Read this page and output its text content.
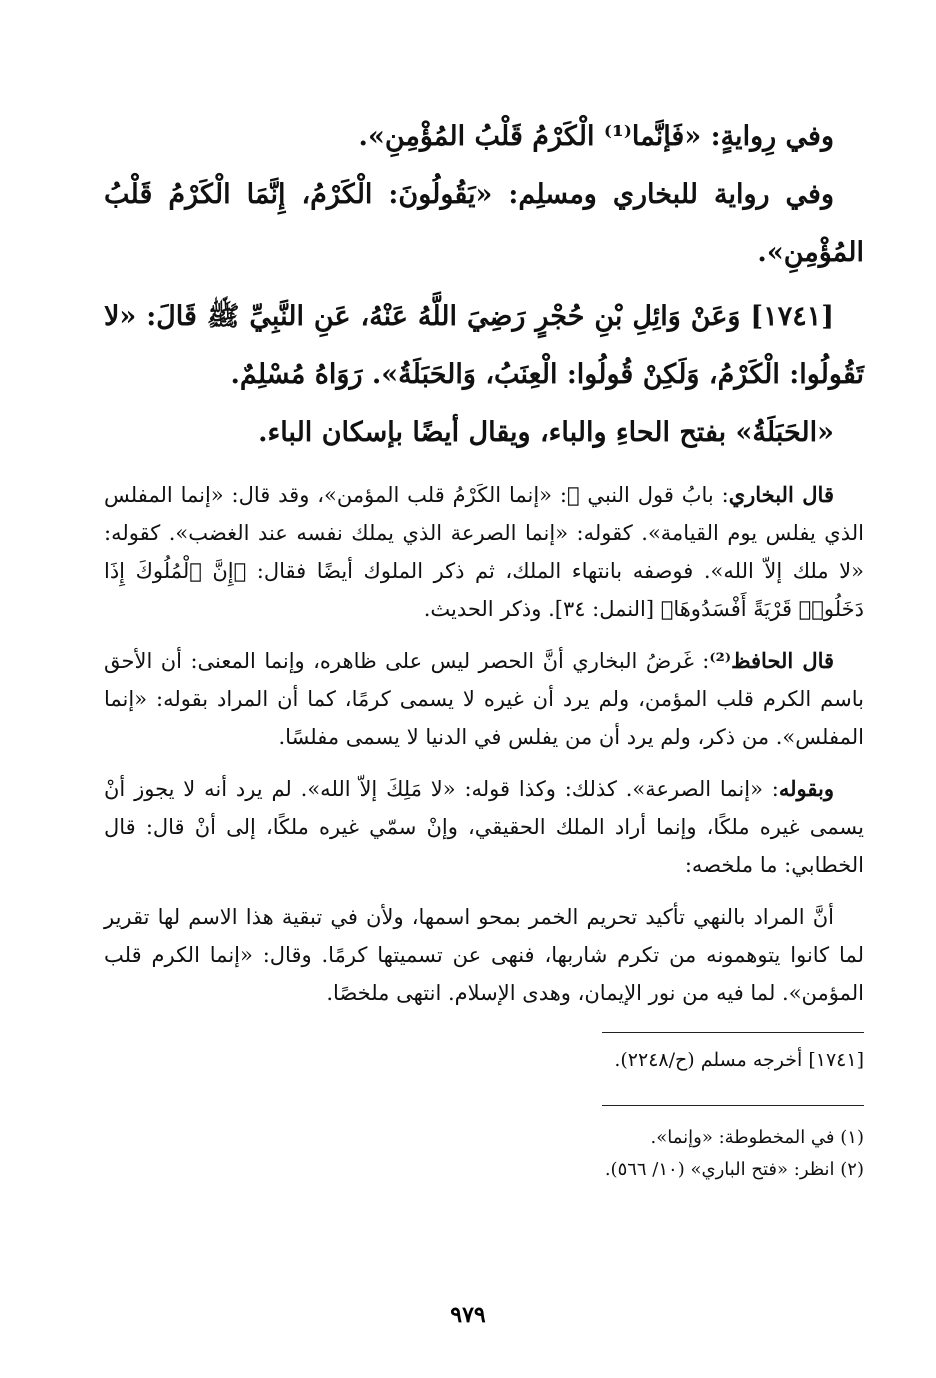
وفي رِوايةٍ: «فَإنَّما⁽¹⁾ الْكَرْمُ قَلْبُ المُؤْمِنِ».

وفي رواية للبخاري ومسلِم: «يَقُولُونَ: الْكَرْمُ، إِنَّمَا الْكَرْمُ قَلْبُ المُؤْمِنِ».

[١٧٤١] وَعَنْ وَائِلِ بْنِ حُجْرٍ رَضِيَ اللَّهُ عَنْهُ، عَنِ النَّبِيِّ ﷺ قَالَ: «لا تَقُولُوا: الْكَرْمُ، وَلَكِنْ قُولُوا: الْعِنَبُ، وَالحَبَلَةُ». رَوَاهُ مُسْلِمٌ.

«الحَبَلَةُ» بفتح الحاءِ والباء، ويقال أيضًا بإسكان الباء.

قال البخاري: بابُ قول النبي ﷺ: «إنما الكَرْمُ قلب المؤمن»، وقد قال: «إنما المفلس الذي يفلس يوم القيامة». كقوله: «إنما الصرعة الذي يملك نفسه عند الغضب». كقوله: «لا ملك إلاّ الله». فوصفه بانتهاء الملك، ثم ذكر الملوك أيضًا فقال: ﴿إِنَّ ٱلْمُلُوكَ إِذَا دَخَلُوا۟ قَرْيَةً أَفْسَدُوهَا﴾ [النمل: ٣٤]. وذكر الحديث.

قال الحافظ⁽²⁾: غَرضُ البخاري أنَّ الحصر ليس على ظاهره، وإنما المعنى: أن الأحق باسم الكرم قلب المؤمن، ولم يرد أن غيره لا يسمى كرمًا، كما أن المراد بقوله: «إنما المفلس». من ذكر، ولم يرد أن من يفلس في الدنيا لا يسمى مفلسًا.

وبقوله: «إنما الصرعة». كذلك: وكذا قوله: «لا مَلِكَ إلاّ الله». لم يرد أنه لا يجوز أنْ يسمى غيره ملكًا، وإنما أراد الملك الحقيقي، وإنْ سمّي غيره ملكًا، إلى أنْ قال: قال الخطابي: ما ملخصه:

أنَّ المراد بالنهي تأكيد تحريم الخمر بمحو اسمها، ولأن في تبقية هذا الاسم لها تقرير لما كانوا يتوهمونه من تكرم شاربها، فنهى عن تسميتها كرمًا. وقال: «إنما الكرم قلب المؤمن». لما فيه من نور الإيمان، وهدى الإسلام. انتهى ملخصًا.

[١٧٤١] أخرجه مسلم (ح/٢٢٤٨).

(١) في المخطوطة: «وإنما».

(٢) انظر: «فتح الباري» (١٠/ ٥٦٦).

٩٧٩
